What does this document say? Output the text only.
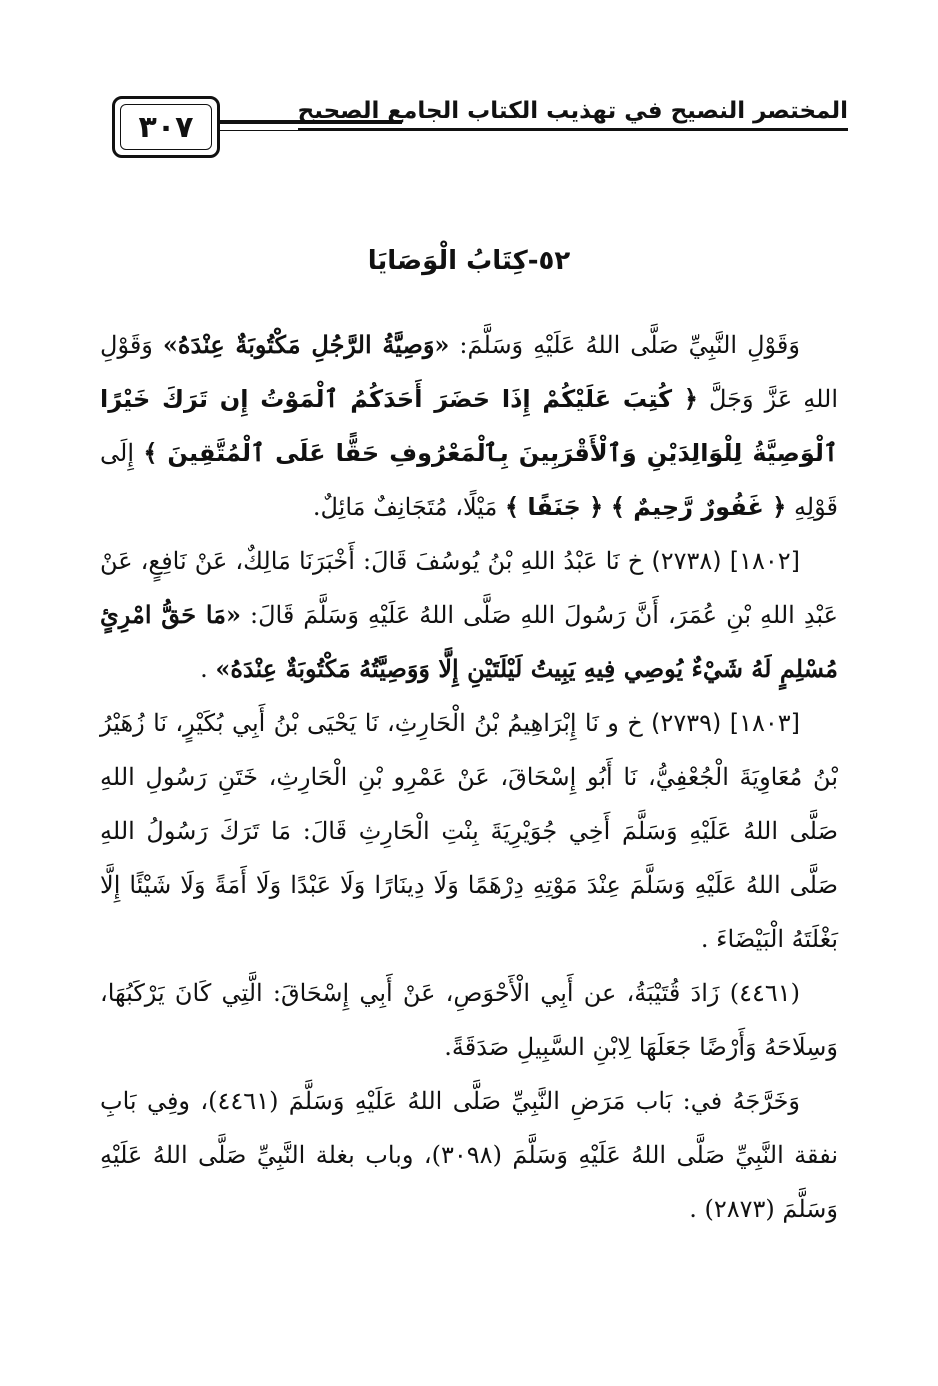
٣٠٧	المختصر النصيح في تهذيب الكتاب الجامع الصحيح
٥٢-كِتَابُ الْوَصَايَا

وَقَوْلِ النَّبِيِّ صَلَّى اللهُ عَلَيْهِ وَسَلَّمَ: «وَصِيَّةُ الرَّجُلِ مَكْتُوبَةٌ عِنْدَهُ» وَقَوْلِ اللهِ عَزَّ وَجَلَّ ﴿ كُتِبَ عَلَيْكُمْ إِذَا حَضَرَ أَحَدَكُمُ ٱلْمَوْتُ إِن تَرَكَ خَيْرًا ٱلْوَصِيَّةُ لِلْوَالِدَيْنِ وَٱلْأَقْرَبِينَ بِٱلْمَعْرُوفِ حَقًّا عَلَى ٱلْمُتَّقِينَ ﴾ إِلَى قَوْلِهِ ﴿ غَفُورٌ رَّحِيمٌ ﴾ ﴿ جَنَفًا ﴾ مَيْلًا، مُتَجَانِفٌ مَائِلٌ.

[١٨٠٢] (٢٧٣٨) خ نَا عَبْدُ اللهِ بْنُ يُوسُفَ قَالَ: أَخْبَرَنَا مَالِكٌ، عَنْ نَافِعٍ، عَنْ عَبْدِ اللهِ بْنِ عُمَرَ، أَنَّ رَسُولَ اللهِ صَلَّى اللهُ عَلَيْهِ وَسَلَّمَ قَالَ: «مَا حَقُّ امْرِئٍ مُسْلِمٍ لَهُ شَيْءٌ يُوصِي فِيهِ يَبِيتُ لَيْلَتَيْنِ إِلَّا وَوَصِيَّتُهُ مَكْتُوبَةٌ عِنْدَهُ» .

[١٨٠٣] (٢٧٣٩) خ و نَا إِبْرَاهِيمُ بْنُ الْحَارِثِ، نَا يَحْيَى بْنُ أَبِي بُكَيْرٍ، نَا زُهَيْرُ بْنُ مُعَاوِيَةَ الْجُعْفِيُّ، نَا أَبُو إِسْحَاقَ، عَنْ عَمْرِو بْنِ الْحَارِثِ، خَتَنِ رَسُولِ اللهِ صَلَّى اللهُ عَلَيْهِ وَسَلَّمَ أَخِي جُوَيْرِيَةَ بِنْتِ الْحَارِثِ قَالَ: مَا تَرَكَ رَسُولُ اللهِ صَلَّى اللهُ عَلَيْهِ وَسَلَّمَ عِنْدَ مَوْتِهِ دِرْهَمًا وَلَا دِينَارًا وَلَا عَبْدًا وَلَا أَمَةً وَلَا شَيْئًا إِلَّا بَغْلَتَهُ الْبَيْضَاءَ .

(٤٤٦١) زَادَ قُتَيْبَةُ، عن أَبِي الْأَحْوَصِ، عَنْ أَبِي إِسْحَاقَ: الَّتِي كَانَ يَرْكَبُهَا، وَسِلَاحَهُ وَأَرْضًا جَعَلَهَا لِابْنِ السَّبِيلِ صَدَقَةً.

وَخَرَّجَهُ في: بَاب مَرَضِ النَّبِيِّ صَلَّى اللهُ عَلَيْهِ وَسَلَّمَ (٤٤٦١)، وفِي بَابِ نفقة النَّبِيِّ صَلَّى اللهُ عَلَيْهِ وَسَلَّمَ (٣٠٩٨)، وباب بغلة النَّبِيِّ صَلَّى اللهُ عَلَيْهِ وَسَلَّمَ (٢٨٧٣) .
